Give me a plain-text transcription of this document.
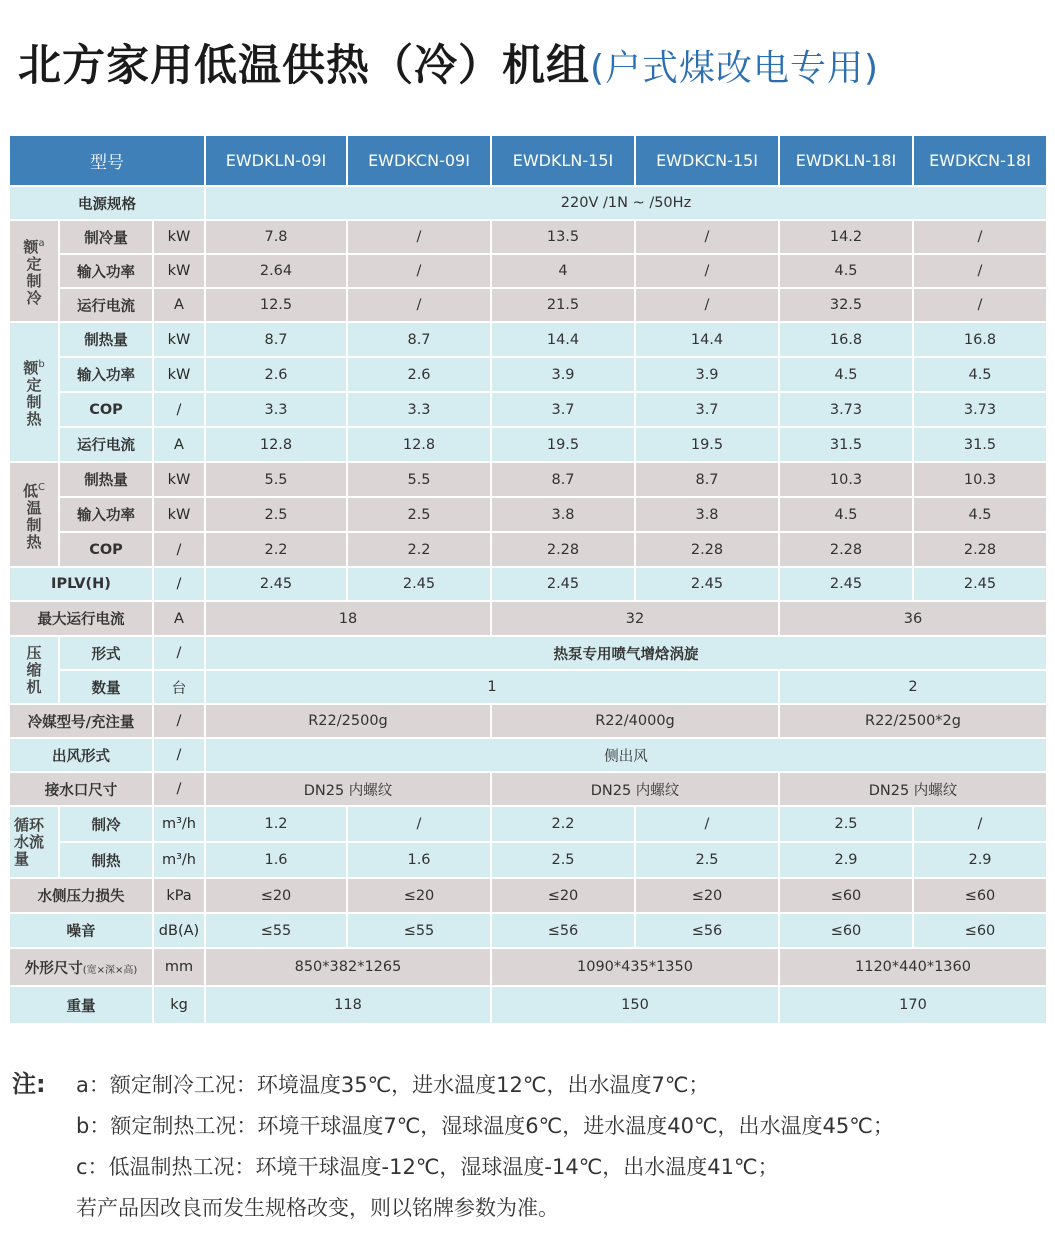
北方家用低温供热（冷）机组(户式煤改电专用)
型号			EWDKLN-09I	EWDKCN-09I	EWDKLN-15I	EWDKCN-15I	EWDKLN-18I	EWDKCN-18I
电源规格			220V /1N ~ /50Hz					

额$^a$
定
制
冷	制冷量	kW	7.8	/	13.5	/	14.2	/
	输入功率	kW	2.64	/	4	/	4.5	/
	运行电流	A	12.5	/	21.5	/	32.5	/

额$^b$
定
制
热	制热量	kW	8.7	8.7	14.4	14.4	16.8	16.8
	输入功率	kW	2.6	2.6	3.9	3.9	4.5	4.5
	COP	/	3.3	3.3	3.7	3.7	3.73	3.73
	运行电流	A	12.8	12.8	19.5	19.5	31.5	31.5

低$^C$
温
制
热	制热量	kW	5.5	5.5	8.7	8.7	10.3	10.3
	输入功率	kW	2.5	2.5	3.8	3.8	4.5	4.5
	COP	/	2.2	2.2	2.28	2.28	2.28	2.28
IPLV(H)		/	2.45	2.45	2.45	2.45	2.45	2.45
最大运行电流		A	18		32		36	

压
缩
机	形式	/	热泵专用喷气增焓涡旋					
	数量	台	1				2	
冷媒型号/充注量		/	R22/2500g		R22/4000g		R22/2500*2g	
出风形式		/	侧出风					
接水口尺寸		/	DN25 内螺纹		DN25 内螺纹		DN25 内螺纹	
循环水流量	制冷	m³/h	1.2	/	2.2	/	2.5	/
	制热	m³/h	1.6	1.6	2.5	2.5	2.9	2.9
水侧压力损失		kPa	≤20	≤20	≤20	≤20	≤60	≤60
噪音		dB(A)	≤55	≤55	≤56	≤56	≤60	≤60
外形尺寸(宽×深×高)		mm	850*382*1265		1090*435*1350		1120*440*1360	
重量		kg	118		150		170	
注: a：额定制冷工况：环境温度35℃，进水温度12℃，出水温度7℃；
b：额定制热工况：环境干球温度7℃，湿球温度6℃，进水温度40℃，出水温度45℃；
c：低温制热工况：环境干球温度-12℃，湿球温度-14℃，出水温度41℃；
若产品因改良而发生规格改变，则以铭牌参数为准。
